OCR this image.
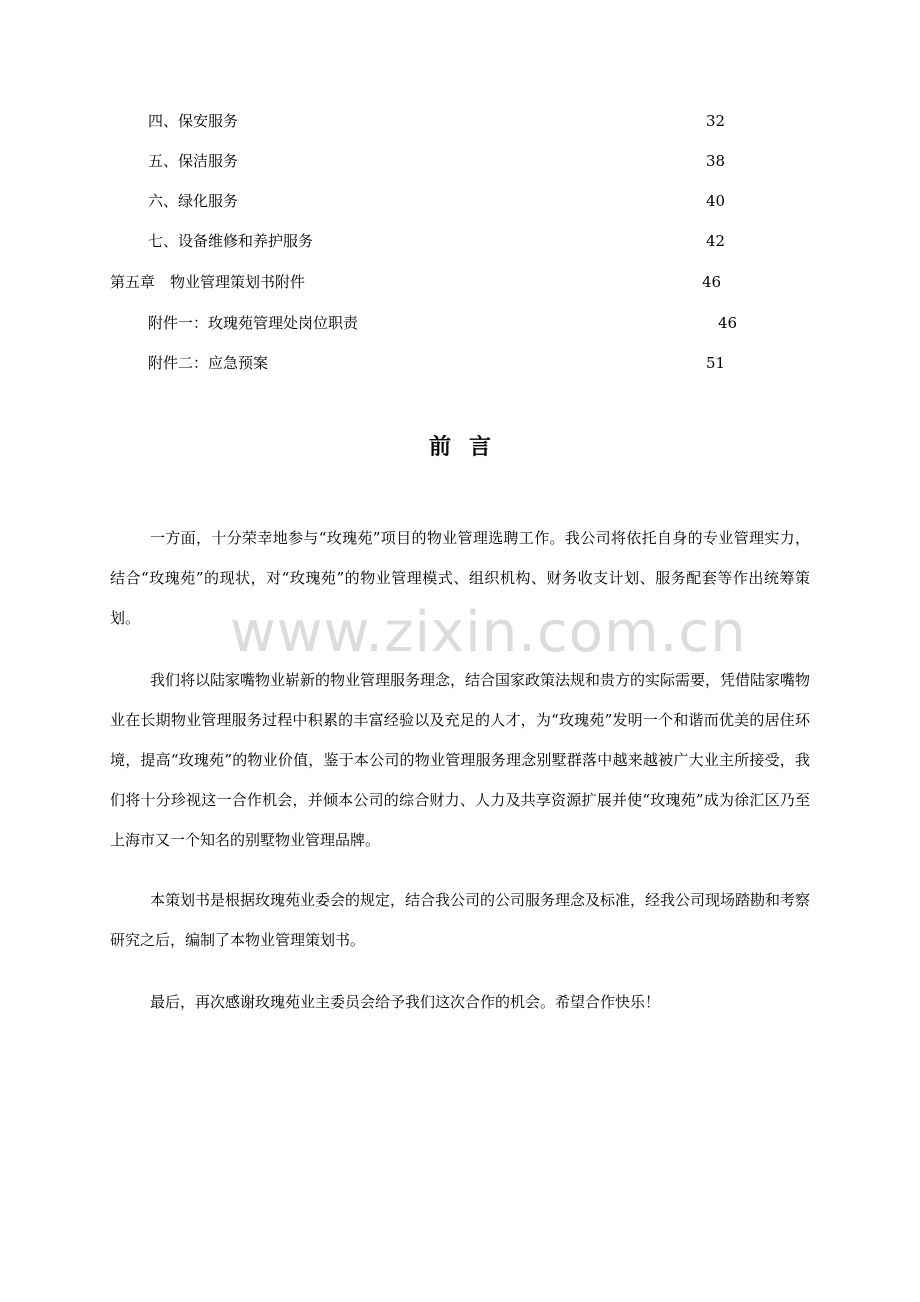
www.zixin.com.cn
四、保安服务	32
五、保洁服务	38
六、绿化服务	40
七、设备维修和养护服务	42
第五章　物业管理策划书附件	46
附件一：玫瑰苑管理处岗位职责	46
附件二：应急预案	51
前言
一方面，十分荣幸地参与“玫瑰苑”项目的物业管理选聘工作。我公司将依托自身的专业管理实力，结合“玫瑰苑”的现状，对“玫瑰苑”的物业管理模式、组织机构、财务收支计划、服务配套等作出统筹策划。
我们将以陆家嘴物业崭新的物业管理服务理念，结合国家政策法规和贵方的实际需要，凭借陆家嘴物业在长期物业管理服务过程中积累的丰富经验以及充足的人才，为“玫瑰苑”发明一个和谐而优美的居住环境，提高“玫瑰苑”的物业价值，鉴于本公司的物业管理服务理念别墅群落中越来越被广大业主所接受，我们将十分珍视这一合作机会，并倾本公司的综合财力、人力及共享资源扩展并使“玫瑰苑”成为徐汇区乃至上海市又一个知名的别墅物业管理品牌。
本策划书是根据玫瑰苑业委会的规定，结合我公司的公司服务理念及标准，经我公司现场踏勘和考察研究之后，编制了本物业管理策划书。
最后，再次感谢玫瑰苑业主委员会给予我们这次合作的机会。希望合作快乐！
